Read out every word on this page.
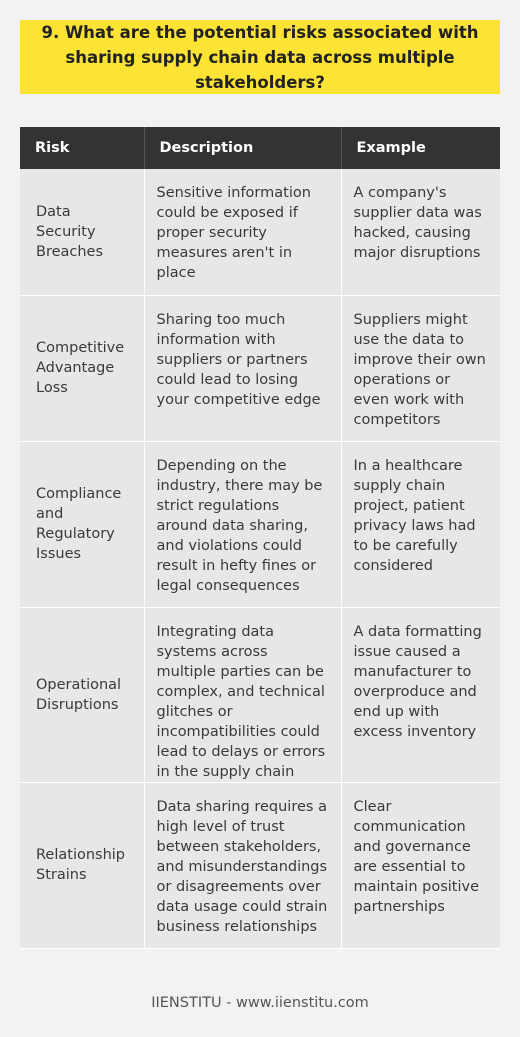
9. What are the potential risks associated with sharing supply chain data across multiple stakeholders?
Risk	Description	Example
Data Security Breaches	Sensitive information could be exposed if proper security measures aren't in place	A company's supplier data was hacked, causing major disruptions
Competitive Advantage Loss	Sharing too much information with suppliers or partners could lead to losing your competitive edge	Suppliers might use the data to improve their own operations or even work with competitors
Compliance and Regulatory Issues	Depending on the industry, there may be strict regulations around data sharing, and violations could result in hefty fines or legal consequences	In a healthcare supply chain project, patient privacy laws had to be carefully considered
Operational Disruptions	Integrating data systems across multiple parties can be complex, and technical glitches or incompatibilities could lead to delays or errors in the supply chain	A data formatting issue caused a manufacturer to overproduce and end up with excess inventory
Relationship Strains	Data sharing requires a high level of trust between stakeholders, and misunderstandings or disagreements over data usage could strain business relationships	Clear communication and governance are essential to maintain positive partnerships
IIENSTITU - www.iienstitu.com
